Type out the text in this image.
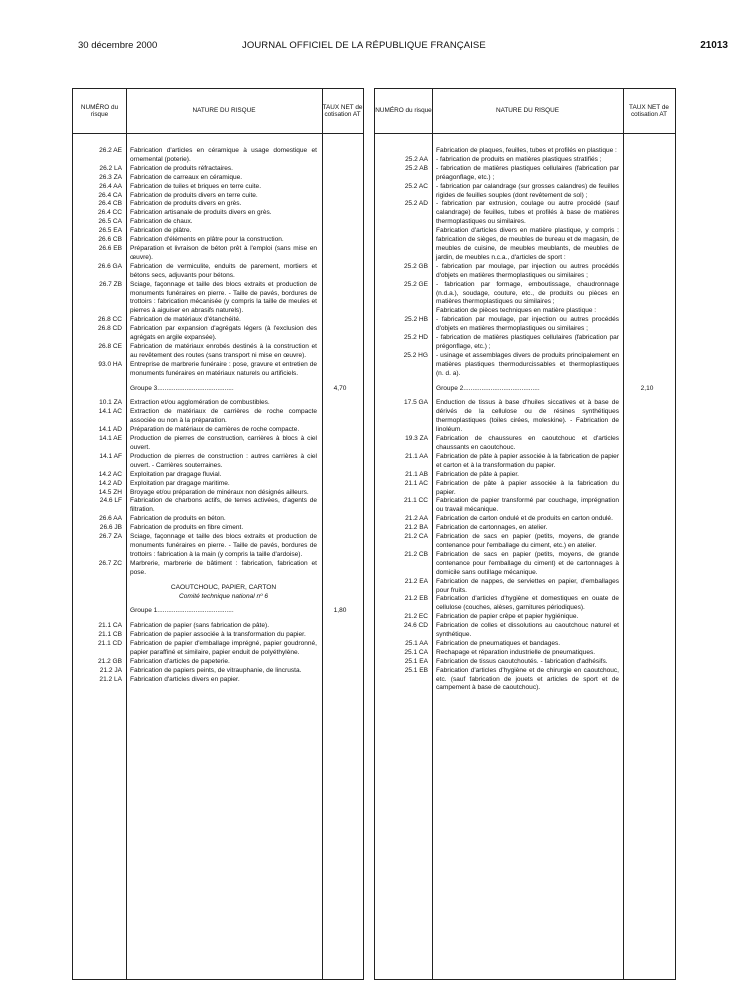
30 décembre 2000	JOURNAL OFFICIEL DE LA RÉPUBLIQUE FRANÇAISE	21013
NUMÉRO du risque
NATURE DU RISQUE
TAUX NET de cotisation AT
26.2 AE	Fabrication d'articles en céramique à usage domestique et ornemental (poterie).
26.2 LA	Fabrication de produits réfractaires.
26.3 ZA	Fabrication de carreaux en céramique.
26.4 AA	Fabrication de tuiles et briques en terre cuite.
26.4 CA	Fabrication de produits divers en terre cuite.
26.4 CB	Fabrication de produits divers en grès.
26.4 CC	Fabrication artisanale de produits divers en grès.
26.5 CA	Fabrication de chaux.
26.5 EA	Fabrication de plâtre.
26.6 CB	Fabrication d'éléments en plâtre pour la construction.
26.6 EB	Préparation et livraison de béton prêt à l'emploi (sans mise en œuvre).
26.6 GA	Fabrication de vermiculite, enduits de parement, mortiers et bétons secs, adjuvants pour bétons.
26.7 ZB	Sciage, façonnage et taille des blocs extraits et production de monuments funéraires en pierre. - Taille de pavés, bordures de trottoirs : fabrication mécanisée (y compris la taille de meules et pierres à aiguiser en abrasifs naturels).
26.8 CC	Fabrication de matériaux d'étanchéité.
26.8 CD	Fabrication par expansion d'agrégats légers (à l'exclusion des agrégats en argile expansée).
26.8 CE	Fabrication de matériaux enrobés destinés à la construction et au revêtement des routes (sans transport ni mise en œuvre).
93.0 HA	Entreprise de marbrerie funéraire : pose, gravure et entretien de monuments funéraires en matériaux naturels ou artificiels.
Groupe 3..........................................	4,70
10.1 ZA	Extraction et/ou agglomération de combustibles.
14.1 AC	Extraction de matériaux de carrières de roche compacte associée ou non à la préparation.
14.1 AD	Préparation de matériaux de carrières de roche compacte.
14.1 AE	Production de pierres de construction, carrières à blocs à ciel ouvert.
14.1 AF	Production de pierres de construction : autres carrières à ciel ouvert. - Carrières souterraines.
14.2 AC	Exploitation par dragage fluvial.
14.2 AD	Exploitation par dragage maritime.
14.5 ZH	Broyage et/ou préparation de minéraux non désignés ailleurs.
24.6 LF	Fabrication de charbons actifs, de terres activées, d'agents de filtration.
26.6 AA	Fabrication de produits en béton.
26.6 JB	Fabrication de produits en fibre ciment.
26.7 ZA	Sciage, façonnage et taille des blocs extraits et production de monuments funéraires en pierre. - Taille de pavés, bordures de trottoirs : fabrication à la main (y compris la taille d'ardoise).
26.7 ZC	Marbrerie, marbrerie de bâtiment : fabrication, fabrication et pose.
CAOUTCHOUC, PAPIER, CARTON
Comité technique national nº 6
Groupe 1..........................................	1,80
21.1 CA	Fabrication de papier (sans fabrication de pâte).
21.1 CB	Fabrication de papier associée à la transformation du papier.
21.1 CD	Fabrication de papier d'emballage imprégné, papier goudronné, papier paraffiné et similaire, papier enduit de polyéthylène.
21.2 GB	Fabrication d'articles de papeterie.
21.2 JA	Fabrication de papiers peints, de vitrauphanie, de lincrusta.
21.2 LA	Fabrication d'articles divers en papier.
NUMÉRO du risque	NATURE DU RISQUE
TAUX NET de cotisation AT
Fabrication de plaques, feuilles, tubes et profilés en plastique :
25.2 AA	- fabrication de produits en matières plastiques stratifiés ;
25.2 AB	- fabrication de matières plastiques cellulaires (fabrication par préagonflage, etc.) ;
25.2 AC	- fabrication par calandrage (sur grosses calandres) de feuilles rigides de feuilles souples (dont revêtement de sol) ;
25.2 AD	- fabrication par extrusion, coulage ou autre procédé (sauf calandrage) de feuilles, tubes et profilés à base de matières thermoplastiques ou similaires.
Fabrication d'articles divers en matière plastique, y compris : fabrication de sièges, de meubles de bureau et de magasin, de meubles de cuisine, de meubles meublants, de meubles de jardin, de meubles n.c.a., d'articles de sport :
25.2 GB	- fabrication par moulage, par injection ou autres procédés d'objets en matières thermoplastiques ou similaires ;
25.2 GE	- fabrication par formage, emboutissage, chaudronnage (n.d.a.), soudage, couture, etc., de produits ou pièces en matières thermoplastiques ou similaires ;
Fabrication de pièces techniques en matière plastique :
25.2 HB	- fabrication par moulage, par injection ou autres procédés d'objets en matières thermoplastiques ou similaires ;
25.2 HD	- fabrication de matières plastiques cellulaires (fabrication par prégonflage, etc.) ;
25.2 HG	- usinage et assemblages divers de produits principalement en matières plastiques thermodurcissables et thermoplastiques (n. d. a).
Groupe 2..........................................	2,10
17.5 GA	Enduction de tissus à base d'huiles siccatives et à base de dérivés de la cellulose ou de résines synthétiques thermoplastiques (toiles cirées, moleskine). - Fabrication de linoléum.
19.3 ZA	Fabrication de chaussures en caoutchouc et d'articles chaussants en caoutchouc.
21.1 AA	Fabrication de pâte à papier associée à la fabrication de papier et carton et à la transformation du papier.
21.1 AB	Fabrication de pâte à papier.
21.1 AC	Fabrication de pâte à papier associée à la fabrication du papier.
21.1 CC	Fabrication de papier transformé par couchage, imprégnation ou travail mécanique.
21.2 AA	Fabrication de carton ondulé et de produits en carton ondulé.
21.2 BA	Fabrication de cartonnages, en atelier.
21.2 CA	Fabrication de sacs en papier (petits, moyens, de grande contenance pour l'emballage du ciment, etc.) en atelier.
21.2 CB	Fabrication de sacs en papier (petits, moyens, de grande contenance pour l'emballage du ciment) et de cartonnages à domicile sans outillage mécanique.
21.2 EA	Fabrication de nappes, de serviettes en papier, d'emballages pour fruits.
21.2 EB	Fabrication d'articles d'hygiène et domestiques en ouate de cellulose (couches, alèses, garnitures périodiques).
21.2 EC	Fabrication de papier crêpe et papier hygiénique.
24.6 CD	Fabrication de colles et dissolutions au caoutchouc naturel et synthétique.
25.1 AA	Fabrication de pneumatiques et bandages.
25.1 CA	Rechapage et réparation industrielle de pneumatiques.
25.1 EA	Fabrication de tissus caoutchoutés. - fabrication d'adhésifs.
25.1 EB	Fabrication d'articles d'hygiène et de chirurgie en caoutchouc, etc. (sauf fabrication de jouets et articles de sport et de campement à base de caoutchouc).
